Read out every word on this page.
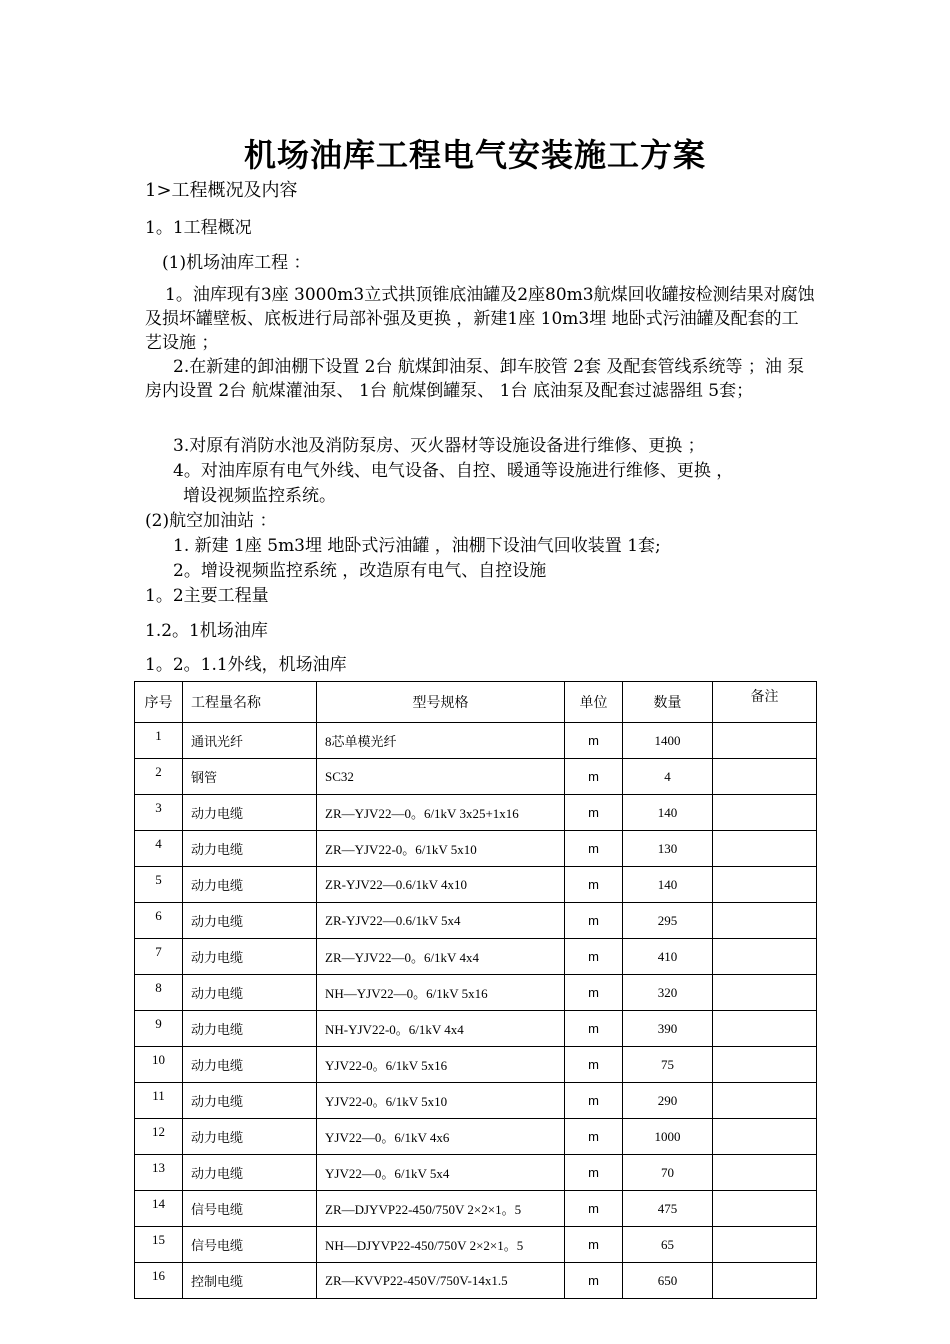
机场油库工程电气安装施工方案
1>工程概况及内容
1。1工程概况
(1)机场油库工程 ：
1。油库现有3座 3000m3立式拱顶锥底油罐及2座80m3航煤回收罐按检测结果对腐蚀及损坏罐壁板、底板进行局部补强及更换 ，新建1座 10m3埋 地卧式污油罐及配套的工艺设施 ；
2.在新建的卸油棚下设置 2台 航煤卸油泵、卸车胶管 2套 及配套管线系统等 ；油 泵房内设置 2台 航煤灌油泵、 1台 航煤倒罐泵、 1台 底油泵及配套过滤器组 5套；
3.对原有消防水池及消防泵房、灭火器材等设施设备进行维修、更换 ；
4。对油库原有电气外线、电气设备、自控、暖通等设施进行维修、更换 ，
增设视频监控系统。
(2)航空加油站 ：
1. 新建 1座 5m3埋 地卧式污油罐 ，油棚下设油气回收装置 1套;
2。增设视频监控系统 ，改造原有电气、自控设施
1。2主要工程量
1.2。1机场油库
1。2。1.1外线，机场油库
序号	工程量名称	型号规格	单位	数量	备注
1	通讯光纤	8芯单模光纤	m	1400	
2	钢管	SC32	m	4	
3	动力电缆	ZR—YJV22—0。6/1kV 3x25+1x16	m	140	
4	动力电缆	ZR—YJV22-0。6/1kV 5x10	m	130	
5	动力电缆	ZR-YJV22—0.6/1kV 4x10	m	140	
6	动力电缆	ZR-YJV22—0.6/1kV 5x4	m	295	
7	动力电缆	ZR—YJV22—0。6/1kV 4x4	m	410	
8	动力电缆	NH—YJV22—0。6/1kV 5x16	m	320	
9	动力电缆	NH-YJV22-0。6/1kV 4x4	m	390	
10	动力电缆	YJV22-0。6/1kV 5x16	m	75	
11	动力电缆	YJV22-0。6/1kV 5x10	m	290	
12	动力电缆	YJV22—0。6/1kV 4x6	m	1000	
13	动力电缆	YJV22—0。6/1kV 5x4	m	70	
14	信号电缆	ZR—DJYVP22-450/750V 2×2×1。5	m	475	
15	信号电缆	NH—DJYVP22-450/750V 2×2×1。5	m	65	
16	控制电缆	ZR—KVVP22-450V/750V-14x1.5	m	650	
